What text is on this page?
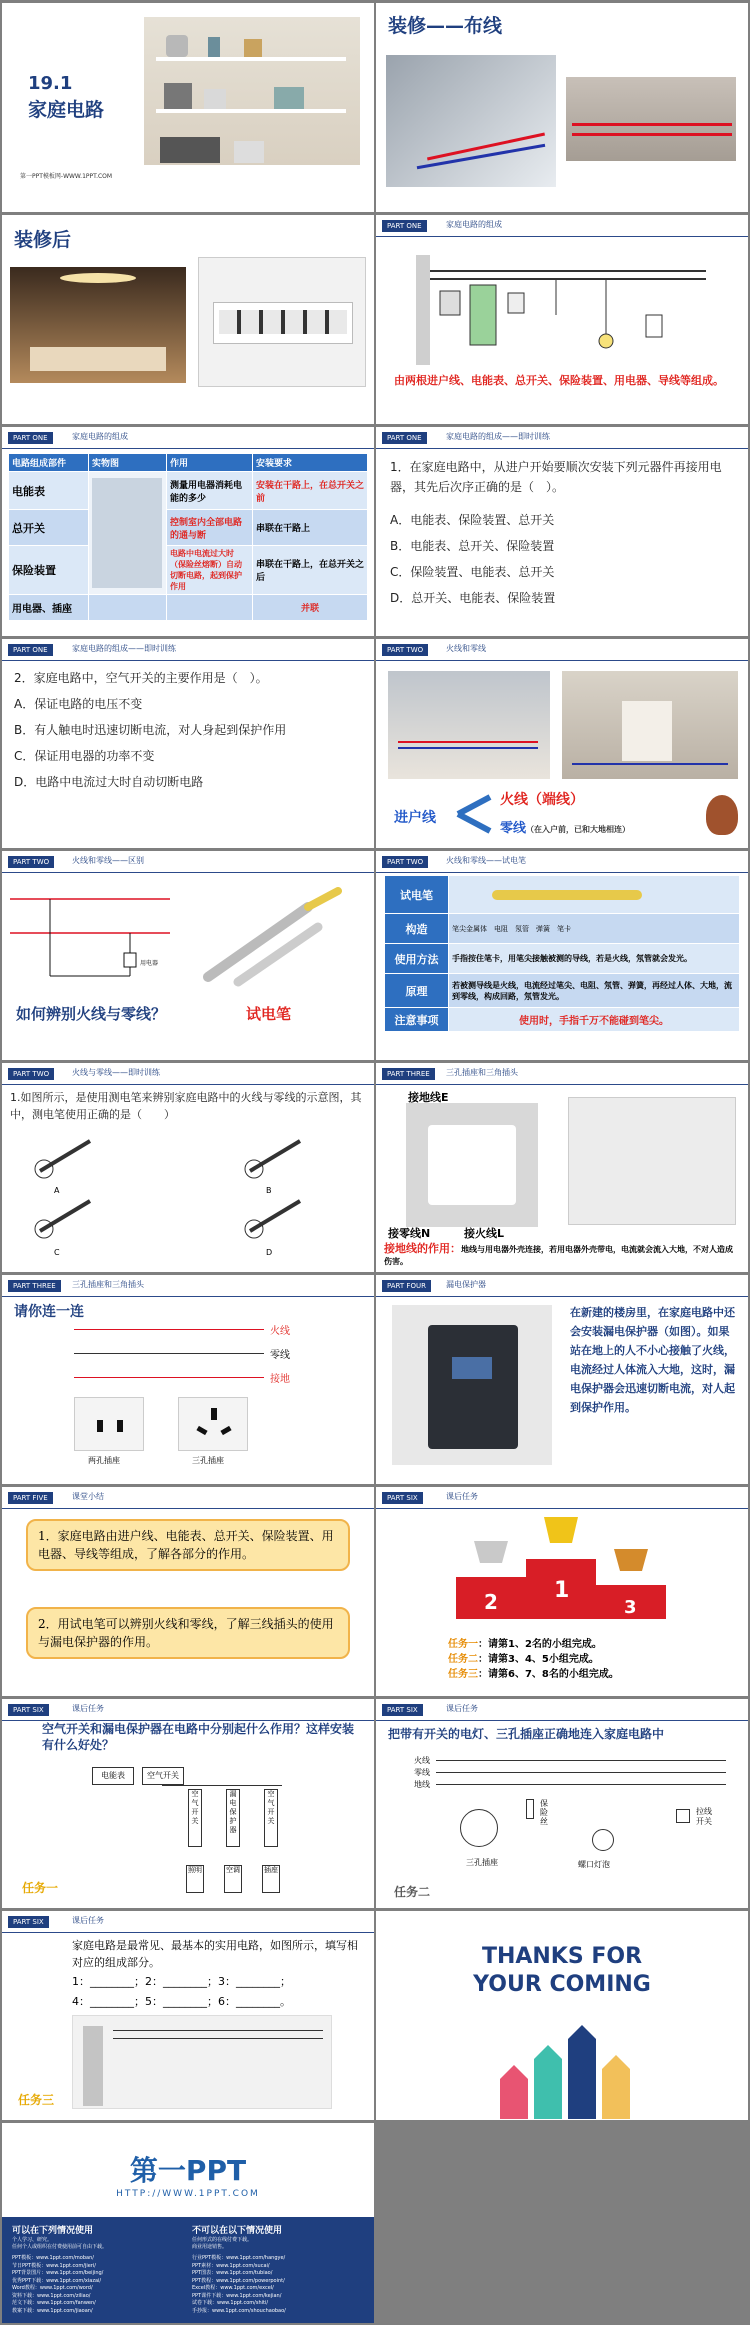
19.1
家庭电路
第一PPT模板网-WWW.1PPT.COM
装修——布线
装修后
PART ONE	家庭电路的组成
由两根进户线、电能表、总开关、保险装置、用电器、导线等组成。
PART ONE	家庭电路的组成
电路组成部件	实物图	作用	安装要求
电能表		测量用电器消耗电能的多少	安装在干路上，在总开关之前
总开关		控制室内全部电路的通与断	串联在干路上
保险装置		电路中电流过大时（保险丝熔断）自动切断电路，起到保护作用	串联在干路上，在总开关之后
用电器、插座			并联
PART ONE	家庭电路的组成——即时训练
1．在家庭电路中，从进户开始要顺次安装下列元器件再接用电器，其先后次序正确的是（　）。
A．电能表、保险装置、总开关
B．电能表、总开关、保险装置
C．保险装置、电能表、总开关
D．总开关、电能表、保险装置
PART ONE	家庭电路的组成——即时训练
2．家庭电路中，空气开关的主要作用是（　）。
A．保证电路的电压不变
B．有人触电时迅速切断电流，对人身起到保护作用
C．保证用电器的功率不变
D．电路中电流过大时自动切断电路
PART TWO	火线和零线
进户线
火线（端线）
零线（在入户前，已和大地相连）
PART TWO	火线和零线——区别
用电器
如何辨别火线与零线？	试电笔
PART TWO	火线和零线——试电笔
试电笔	

构造	笔尖金属体　电阻　氖管　弹簧　笔卡
使用方法	手指按住笔卡，用笔尖接触被测的导线，若是火线，氖管就会发光。
原理	若被测导线是火线，电流经过笔尖、电阻、氖管、弹簧，再经过人体、大地，流到零线，构成回路，氖管发光。
注意事项	使用时，手指千万不能碰到笔尖。
PART TWO	火线与零线——即时训练
1.如图所示，是使用测电笔来辨别家庭电路中的火线与零线的示意图，其中，测电笔使用正确的是（　　）
A	B
C	D
PART THREE	三孔插座和三角插头
接地线E
接零线N	接火线L
接地线的作用：地线与用电器外壳连接，若用电器外壳带电，电流就会流入大地，不对人造成伤害。
PART THREE	三孔插座和三角插头
请你连一连
火线
零线
接地
两孔插座	三孔插座
PART FOUR	漏电保护器
在新建的楼房里，在家庭电路中还会安装漏电保护器（如图）。如果站在地上的人不小心接触了火线，电流经过人体流入大地，这时，漏电保护器会迅速切断电流，对人起到保护作用。
PART FIVE	课堂小结
1．家庭电路由进户线、电能表、总开关、保险装置、用电器、导线等组成，了解各部分的作用。
2．用试电笔可以辨别火线和零线，了解三线插头的使用与漏电保护器的作用。
PART SIX	课后任务
1
2	3
任务一：请第1、2名的小组完成。
任务二：请第3、4、5小组完成。
任务三：请第6、7、8名的小组完成。
PART SIX	课后任务
空气开关和漏电保护器在电路中分别起什么作用？这样安装有什么好处？
电能表	空气开关
空气开关
漏电保护器
空气开关
照明	空调	插座
任务一
PART SIX	课后任务
把带有开关的电灯、三孔插座正确地连入家庭电路中
火线
零线
地线
三孔插座
保险丝
螺口灯泡
拉线开关
任务二
PART SIX	课后任务
家庭电路是最常见、最基本的实用电路，如图所示，填写相对应的组成部分。
1：________；2：________；3：________；
4：________；5：________；6：________。
任务三
THANKS FOR
YOUR COMING
第一PPT
HTTP://WWW.1PPT.COM
可以在下列情况使用	不可以在以下情况使用
个人学习、研究。
任何个人或组织在付费使用前可自由下载。
任何形式的在线付费下载。
商业用途销售。
PPT模板：www.1ppt.com/moban/
节日PPT模板：www.1ppt.com/jieri/
PPT背景图片：www.1ppt.com/beijing/
优秀PPT下载：www.1ppt.com/xiazai/
Word教程：www.1ppt.com/word/
资料下载：www.1ppt.com/ziliao/
范文下载：www.1ppt.com/fanwen/
教案下载：www.1ppt.com/jiaoan/
行业PPT模板：www.1ppt.com/hangye/
PPT素材：www.1ppt.com/sucai/
PPT图表：www.1ppt.com/tubiao/
PPT教程：www.1ppt.com/powerpoint/
Excel教程：www.1ppt.com/excel/
PPT课件下载：www.1ppt.com/kejian/
试卷下载：www.1ppt.com/shiti/
手抄报：www.1ppt.com/shouchaobao/
